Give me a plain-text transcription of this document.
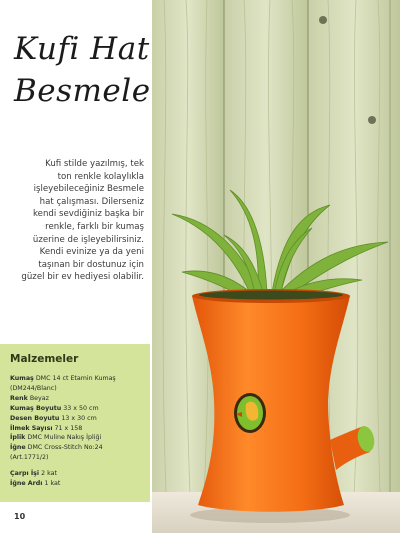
Kufi Hat
Besmele
Kufi stilde yazılmış, tek
ton renkle kolaylıkla
işleyebileceğiniz Besmele
hat çalışması. Dilerseniz
kendi sevdiğiniz başka bir
renkle, farklı bir kumaş
üzerine de işleyebilirsiniz.
Kendi evinize ya da yeni
taşınan bir dostunuz için
güzel bir ev hediyesi olabilir.
Malzemeler
Kumaş DMC 14 ct Etamin Kumaş
(DM244/Blanc)
Renk Beyaz
Kumaş Boyutu 33 x 50 cm
Desen Boyutu 13 x 30 cm
İlmek Sayısı 71 x 158
İplik DMC Muline Nakış İpliği
İğne DMC Cross-Stitch No:24
(Art.1771/2)
Çarpı İşi 2 kat
İğne Ardı 1 kat
10
